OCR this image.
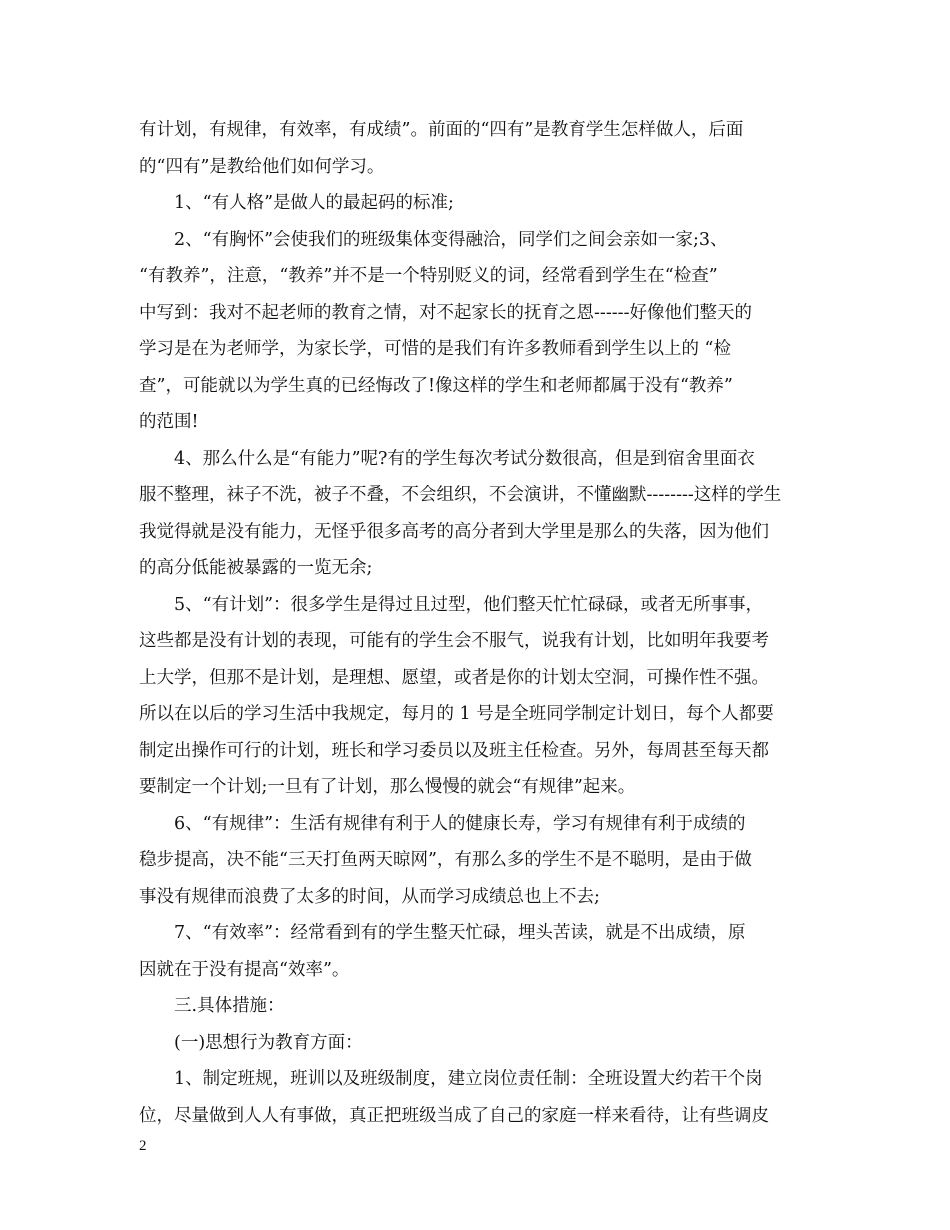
有计划，有规律，有效率，有成绩”。前面的“四有”是教育学生怎样做人，后面
的“四有”是教给他们如何学习。
1、“有人格”是做人的最起码的标准;
2、“有胸怀”会使我们的班级集体变得融洽，同学们之间会亲如一家;3、
“有教养”，注意，“教养”并不是一个特别贬义的词，经常看到学生在“检查”
中写到：我对不起老师的教育之情，对不起家长的抚育之恩------好像他们整天的
学习是在为老师学，为家长学，可惜的是我们有许多教师看到学生以上的 “检
查”，可能就以为学生真的已经悔改了!像这样的学生和老师都属于没有“教养”
的范围!
4、那么什么是“有能力”呢?有的学生每次考试分数很高，但是到宿舍里面衣
服不整理，袜子不洗，被子不叠，不会组织，不会演讲，不懂幽默--------这样的学生
我觉得就是没有能力，无怪乎很多高考的高分者到大学里是那么的失落，因为他们
的高分低能被暴露的一览无余;
5、“有计划”：很多学生是得过且过型，他们整天忙忙碌碌，或者无所事事，
这些都是没有计划的表现，可能有的学生会不服气，说我有计划，比如明年我要考
上大学，但那不是计划，是理想、愿望，或者是你的计划太空洞，可操作性不强。
所以在以后的学习生活中我规定，每月的 1 号是全班同学制定计划日，每个人都要
制定出操作可行的计划，班长和学习委员以及班主任检查。另外，每周甚至每天都
要制定一个计划;一旦有了计划，那么慢慢的就会“有规律”起来。
6、“有规律”：生活有规律有利于人的健康长寿，学习有规律有利于成绩的
稳步提高，决不能“三天打鱼两天晾网”，有那么多的学生不是不聪明，是由于做
事没有规律而浪费了太多的时间，从而学习成绩总也上不去;
7、“有效率”：经常看到有的学生整天忙碌，埋头苦读，就是不出成绩，原
因就在于没有提高“效率”。
三.具体措施：
(一)思想行为教育方面：
1、制定班规，班训以及班级制度，建立岗位责任制：全班设置大约若干个岗
位，尽量做到人人有事做，真正把班级当成了自己的家庭一样来看待，让有些调皮
2
